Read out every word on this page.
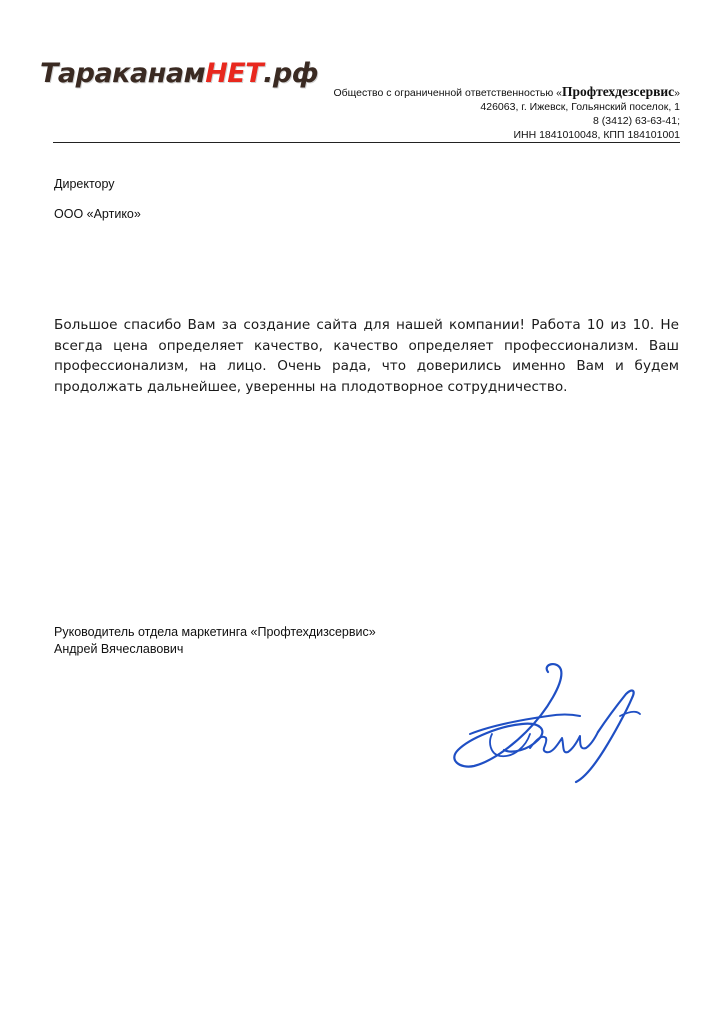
ТараканамНЕТ.рф
Общество с ограниченной ответственностью «Профтехдезсервис»
426063, г. Ижевск, Гольянский поселок, 1
8 (3412) 63-63-41;
ИНН 1841010048, КПП 184101001
Директору
ООО «Артико»
Большое спасибо Вам за создание сайта для нашей компании! Работа 10 из 10. Не всегда цена определяет качество, качество определяет профессионализм. Ваш профессионализм, на лицо. Очень рада, что доверились именно Вам и будем продолжать дальнейшее, уверенны на плодотворное сотрудничество.
Руководитель отдела маркетинга «Профтехдизсервис»
Андрей Вячеславович
